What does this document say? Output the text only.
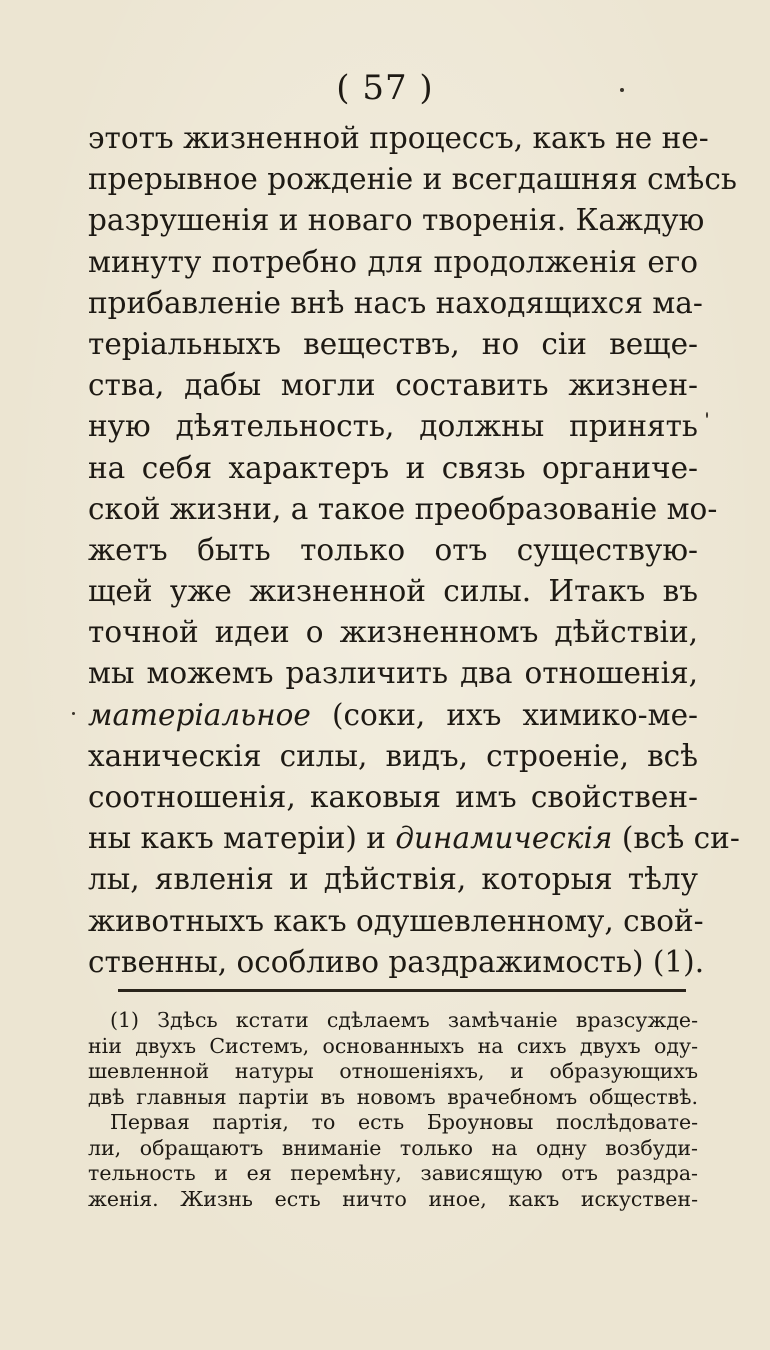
( 57 )
этотъ жизненной процессъ, какъ не не-
прерывное рожденіе и всегдашняя смѣсь
разрушенія и новаго творенія. Каждую
минуту потребно для продолженія его
прибавленіе внѣ насъ находящихся ма-
теріальныхъ веществъ, но сіи веще-
ства, дабы могли составить жизнен-
ную дѣятельность, должны принять
на себя характеръ и связь органиче-
ской жизни, а такое преобразованіе мо-
жетъ быть только отъ существую-
щей уже жизненной силы. Итакъ въ
точной идеи о жизненномъ дѣйствіи,
мы можемъ различить два отношенія,
матеріальное (соки, ихъ химико-ме-
ханическія силы, видъ, строеніе, всѣ
соотношенія, каковыя имъ свойствен-
ны какъ матеріи) и динамическія (всѣ си-
лы, явленія и дѣйствія, которыя тѣлу
животныхъ какъ одушевленному, свой-
ственны, особливо раздражимость) (1).
(1) Здѣсь кстати сдѣлаемъ замѣчаніе вразсужде-
ніи двухъ Системъ, основанныхъ на сихъ двухъ оду-
шевленной натуры отношеніяхъ, и образующихъ
двѣ главныя партіи въ новомъ врачебномъ обществѣ.
Первая партія, то есть Броуновы послѣдовате-
ли, обращаютъ вниманіе только на одну возбуди-
тельность и ея перемѣну, зависящую отъ раздра-
женія. Жизнь есть ничто иное, какъ искуствен-
